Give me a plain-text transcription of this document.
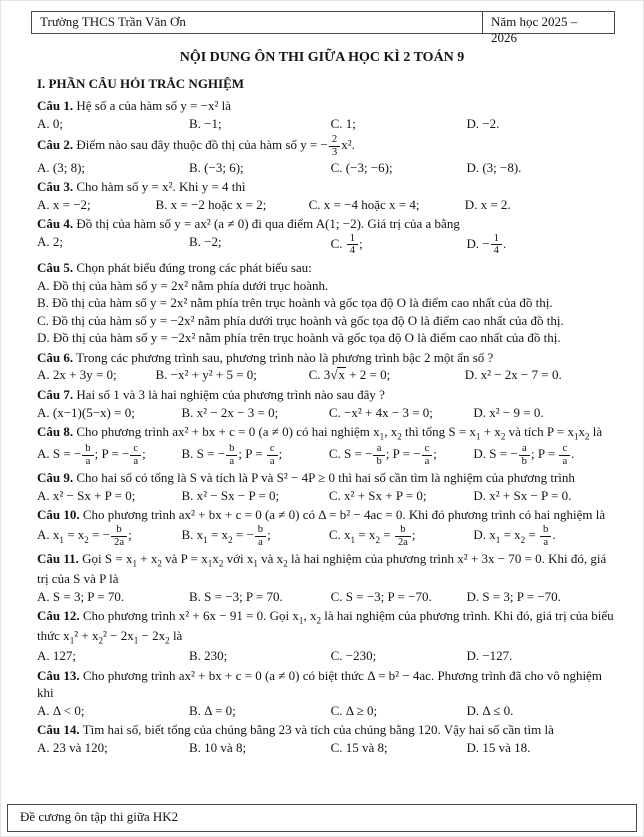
Trường THCS Trần Văn Ơn	Năm học 2025 – 2026
NỘI DUNG ÔN THI GIỮA HỌC KÌ 2 TOÁN 9
I. PHẦN CÂU HỎI TRẮC NGHIỆM
Câu 1. Hệ số a của hàm số y = −x² là
A. 0;	B. −1;	C. 1;	D. −2.
Câu 2. Điểm nào sau đây thuộc đồ thị của hàm số y = − $\frac{2}{3} x^2$.
A. (3; 8);	B. (−3; 6);	C. (−3; −6);	D. (3; −8).
Câu 3. Cho hàm số y = x². Khi y = 4 thì
A. x = −2;	B. x = −2 hoặc x = 2;	C. x = −4 hoặc x = 4;	D. x = 2.
Câu 4. Đồ thị của hàm số y = ax² (a ≠ 0) đi qua điểm A(1; −2). Giá trị của a bằng
A. 2;	B. −2;	C. $\frac{1}{4}$ ;	D. − $\frac{1}{4}$ .
Câu 5. Chọn phát biểu đúng trong các phát biểu sau:
A. Đồ thị của hàm số y = 2x² nằm phía dưới trục hoành.
B. Đồ thị của hàm số y = 2x² nằm phía trên trục hoành và gốc tọa độ O là điểm cao nhất của đồ thị.
C. Đồ thị của hàm số y = −2x² nằm phía dưới trục hoành và gốc tọa độ O là điểm cao nhất của đồ thị.
D. Đồ thị của hàm số y = −2x² nằm phía trên trục hoành và gốc tọa độ O là điểm cao nhất của đồ thị.
Câu 6. Trong các phương trình sau, phương trình nào là phương trình bậc 2 một ẩn số ?
A. 2x + 3y = 0;	B. −x² + y² + 5 = 0;	C. 3√x + 2 = 0;	D. x² − 2x − 7 = 0.
Câu 7. Hai số 1 và 3 là hai nghiệm của phương trình nào sau đây ?
A. (x−1)(5−x) = 0;	B. x² − 2x − 3 = 0;	C. −x² + 4x − 3 = 0;	D. x² − 9 = 0.
Câu 8. Cho phương trình ax² + bx + c = 0 (a ≠ 0) có hai nghiệm $x_1$, $x_2$ thì tổng $S = x_1 + x_2$ và tích $P = x_1x_2$ là
A. S = − $\frac{b}{a}$ ; P = − $\frac{c}{a}$ ;	B. S = − $\frac{b}{a}$ ; $P = \frac{c}{a}$ ;	C. S = − $\frac{a}{b}$ ; P = − $\frac{c}{a}$ ;	D. S = − $\frac{a}{b}$ ; $P = \frac{c}{a}$ .
Câu 9. Cho hai số có tổng là S và tích là P và S² − 4P ≥ 0 thì hai số cần tìm là nghiệm của phương trình
A. x² − Sx + P = 0;	B. x² − Sx − P = 0;	C. x² + Sx + P = 0;	D. x² + Sx − P = 0.
Câu 10. Cho phương trình ax² + bx + c = 0 (a ≠ 0) có Δ = b² − 4ac = 0. Khi đó phương trình có hai nghiệm là
A. $x_1 = x_2$ = − $\frac{b}{2a}$ ;	B. $x_1 = x_2$ = − $\frac{b}{a}$ ;	C. $x_1 = x_2 = \frac{b}{2a}$ ;	D. $x_1 = x_2 = \frac{b}{a}$ .
Câu 11. Gọi $S = x_1 + x_2$ và $P = x_1x_2$ với $x_1$ và $x_2$ là hai nghiệm của phương trình x² + 3x − 70 = 0. Khi đó, giá trị của S và P là
A. S = 3; P = 70.	B. S = −3; P = 70.	C. S = −3; P = −70.	D. S = 3; P = −70.
Câu 12. Cho phương trình x² + 6x − 91 = 0. Gọi $x_1$, $x_2$ là hai nghiệm của phương trình. Khi đó, giá trị của biểu thức $x_1^2 + x_2^2 - 2x_1 - 2x_2$ là
A. 127;	B. 230;	C. −230;	D. −127.
Câu 13. Cho phương trình ax² + bx + c = 0 (a ≠ 0) có biệt thức Δ = b² − 4ac. Phương trình đã cho vô nghiệm khi
A. Δ < 0;	B. Δ = 0;	C. Δ ≥ 0;	D. Δ ≤ 0.
Câu 14. Tìm hai số, biết tổng của chúng bằng 23 và tích của chúng bằng 120. Vậy hai số cần tìm là
A. 23 và 120;	B. 10 và 8;	C. 15 và 8;	D. 15 và 18.
Đề cương ôn tập thi giữa HK2
